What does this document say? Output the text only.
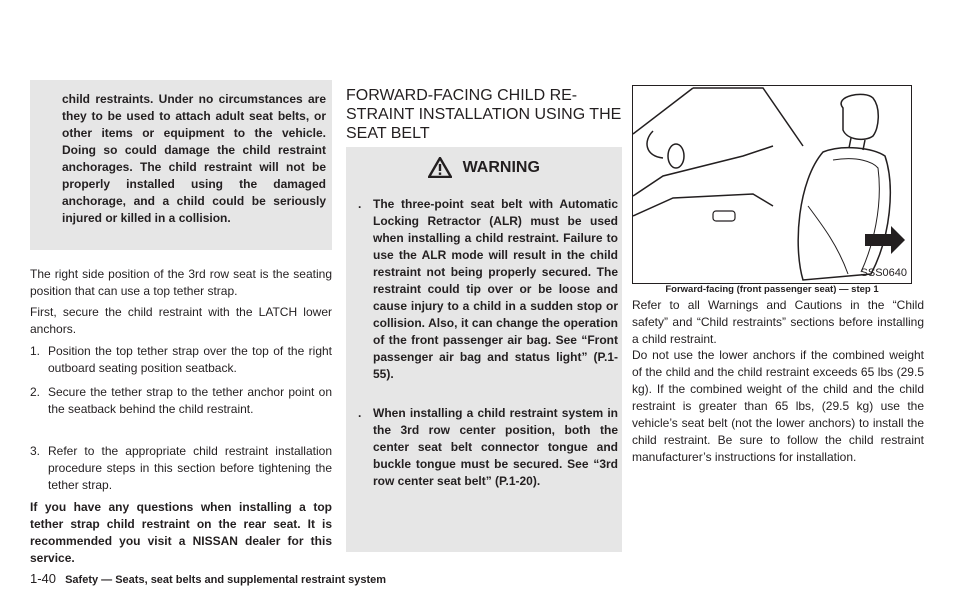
child restraints. Under no circumstances are they to be used to attach adult seat belts, or other items or equipment to the vehicle. Doing so could damage the child restraint anchorages. The child restraint will not be properly installed using the damaged anchorage, and a child could be seriously injured or killed in a collision.

The right side position of the 3rd row seat is the seating position that can use a top tether strap.

First, secure the child restraint with the LATCH lower anchors.

1. Position the top tether strap over the top of the right outboard seating position seatback.
2. Secure the tether strap to the tether anchor point on the seatback behind the child restraint.
3. Refer to the appropriate child restraint installation procedure steps in this section before tightening the tether strap.

If you have any questions when installing a top tether strap child restraint on the rear seat. It is recommended you visit a NISSAN dealer for this service.

FORWARD-FACING CHILD RE-
STRAINT INSTALLATION USING THE
SEAT BELT
WARNING
. The three-point seat belt with Automatic Locking Retractor (ALR) must be used when installing a child restraint. Failure to use the ALR mode will result in the child restraint not being properly secured. The restraint could tip over or be loose and cause injury to a child in a sudden stop or collision. Also, it can change the operation of the front passenger air bag. See “Front passenger air bag and status light” (P.1-55).
. When installing a child restraint system in the 3rd row center position, both the center seat belt connector tongue and buckle tongue must be secured. See “3rd row center seat belt” (P.1-20).
SSS0640
Forward-facing (front passenger seat) — step 1

Refer to all Warnings and Cautions in the “Child safety” and “Child restraints” sections before installing a child restraint.

Do not use the lower anchors if the combined weight of the child and the child restraint exceeds 65 lbs (29.5 kg). If the combined weight of the child and the child restraint is greater than 65 lbs, (29.5 kg) use the vehicle’s seat belt (not the lower anchors) to install the child restraint. Be sure to follow the child restraint manufacturer’s instructions for installation.

1-40 Safety — Seats, seat belts and supplemental restraint system
